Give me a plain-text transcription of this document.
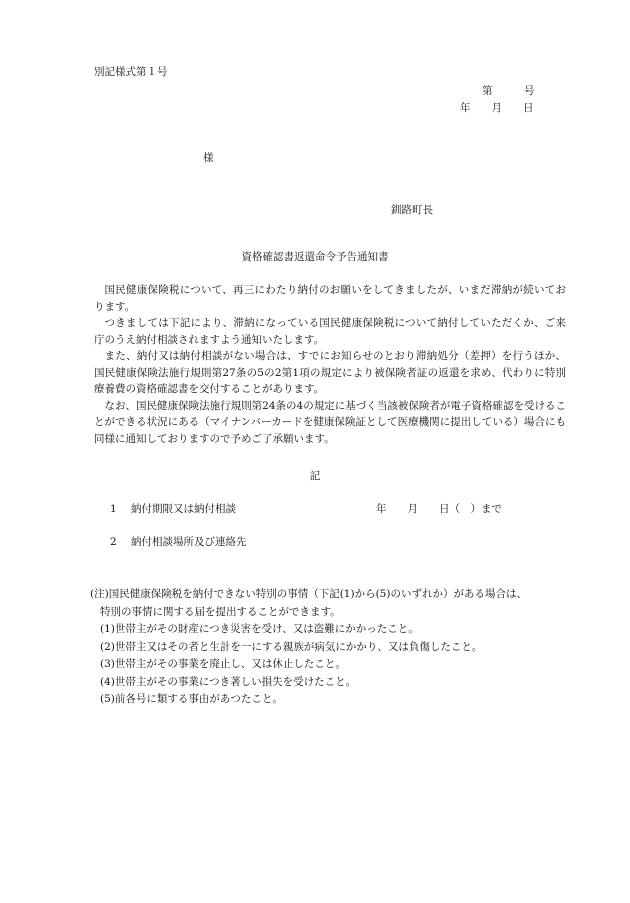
別記様式第１号
第　　　号
年　　月　　日
様
釧路町長
資格確認書返還命令予告通知書

国民健康保険税について、再三にわたり納付のお願いをしてきましたが、いまだ滞納が続いております。

つきましては下記により、滞納になっている国民健康保険税について納付していただくか、ご来庁のうえ納付相談されますよう通知いたします。

また、納付又は納付相談がない場合は、すでにお知らせのとおり滞納処分（差押）を行うほか、国民健康保険法施行規則第27条の5の2第1項の規定により被保険者証の返還を求め、代わりに特別療養費の資格確認書を交付することがあります。

なお、国民健康保険法施行規則第24条の4の規定に基づく当該被保険者が電子資格確認を受けることができる状況にある（マイナンバーカードを健康保険証として医療機関に提出している）場合にも同様に通知しておりますので予めご了承願います。

記
1 納付期限又は納付相談	年　　月　　日（　）まで
2 納付相談場所及び連絡先

(注)国民健康保険税を納付できない特別の事情（下記(1)から(5)のいずれか）がある場合は、

特別の事情に関する届を提出することができます。

(1)世帯主がその財産につき災害を受け、又は盗難にかかったこと。

(2)世帯主又はその者と生計を一にする親族が病気にかかり、又は負傷したこと。

(3)世帯主がその事業を廃止し、又は休止したこと。

(4)世帯主がその事業につき著しい損失を受けたこと。

(5)前各号に類する事由があつたこと。
